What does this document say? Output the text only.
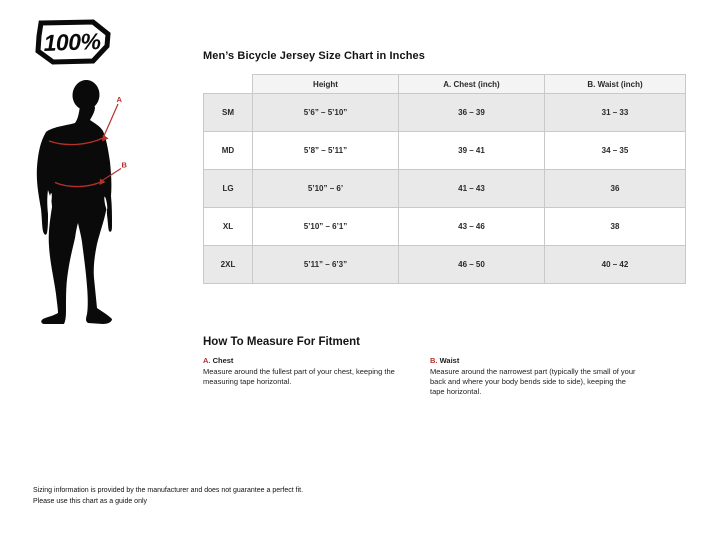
100%
A
B
Men’s Bicycle Jersey Size Chart in Inches
	Height	A. Chest (inch)	B. Waist (inch)
SM	5’6” – 5’10”	36 – 39	31 – 33
MD	5’8” – 5’11”	39 – 41	34 – 35
LG	5’10” – 6’	41 – 43	36
XL	5’10” – 6’1”	43 – 46	38
2XL	5’11” – 6’3”	46 – 50	40 – 42
How To Measure For Fitment
A. Chest

Measure around the fullest part of your chest, keeping the measuring tape horizontal.

B. Waist

Measure around the narrowest part (typically the small of your back and where your body bends side to side), keeping the tape horizontal.

Sizing information is provided by the manufacturer and does not guarantee a perfect fit.
Please use this chart as a guide only
